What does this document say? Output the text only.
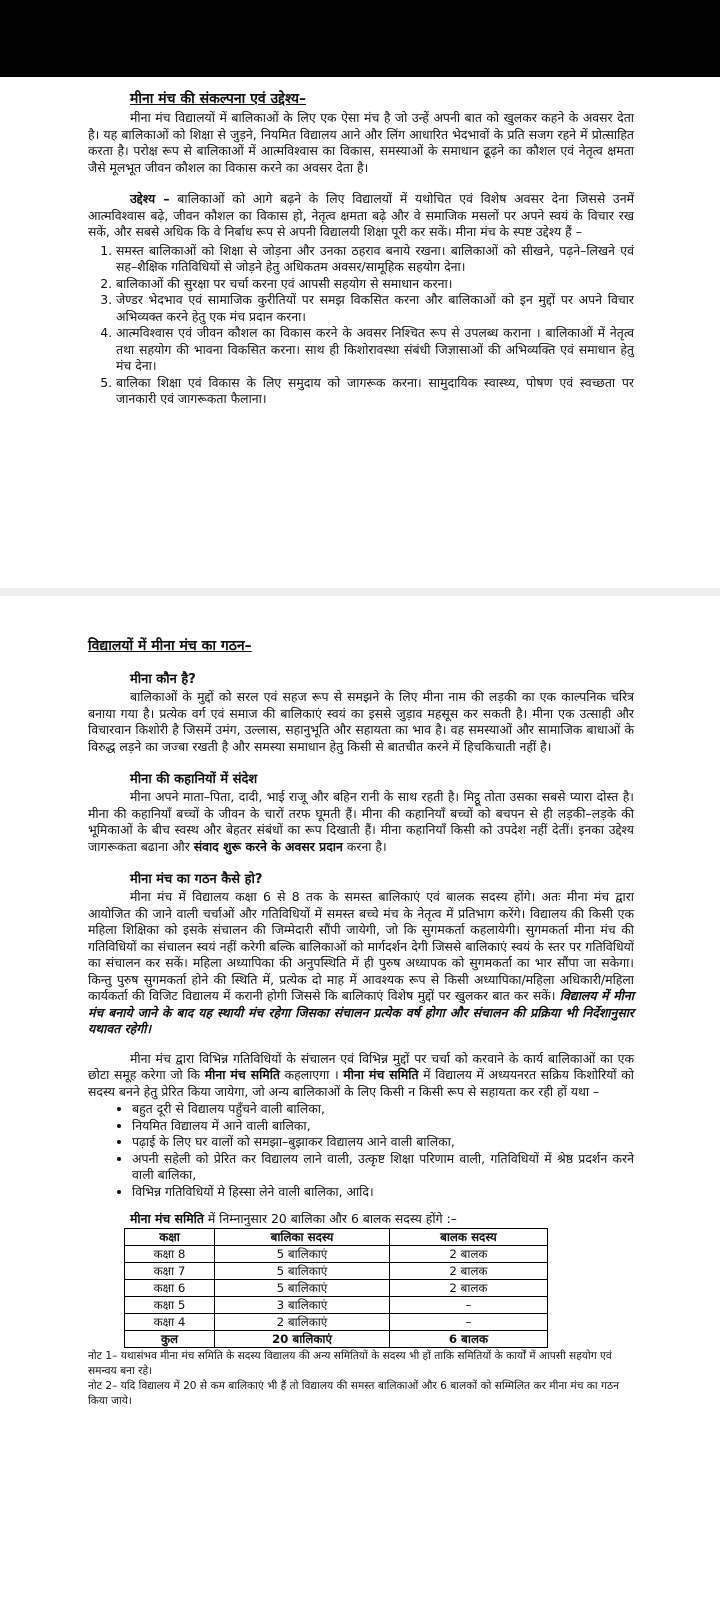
मीना मंच की संकल्पना एवं उद्देश्य–

मीना मंच विद्यालयों में बालिकाओं के लिए एक ऐसा मंच है जो उन्हें अपनी बात को खुलकर कहने के अवसर देता है। यह बालिकाओं को शिक्षा से जुड़ने, नियमित विद्यालय आने और लिंग आधारित भेदभावों के प्रति सजग रहने में प्रोत्साहित करता है। परोक्ष रूप से बालिकाओं में आत्मविश्वास का विकास, समस्याओं के समाधान ढूढ़ने का कौशल एवं नेतृत्व क्षमता जैसे मूलभूत जीवन कौशल का विकास करने का अवसर देता है।

उद्देश्य – बालिकाओं को आगे बढ़ने के लिए विद्यालयों में यथोचित एवं विशेष अवसर देना जिससे उनमें आत्मविश्वास बढ़े, जीवन कौशल का विकास हो, नेतृत्व क्षमता बढ़े और वे समाजिक मसलों पर अपने स्वयं के विचार रख सकें, और सबसे अधिक कि वे निर्बाध रूप से अपनी विद्यालयी शिक्षा पूरी कर सकें। मीना मंच के स्पष्ट उद्देश्य हैं –

1. समस्त बालिकाओं को शिक्षा से जोड़ना और उनका ठहराव बनाये रखना। बालिकाओं को सीखने, पढ़ने–लिखने एवं सह–शैक्षिक गतिविधियों से जोड़ने हेतु अधिकतम अवसर/सामूहिक सहयोग देना।
2. बालिकाओं की सुरक्षा पर चर्चा करना एवं आपसी सहयोग से समाधान करना।
3. जेण्डर भेदभाव एवं सामाजिक कुरीतियों पर समझ विकसित करना और बालिकाओं को इन मुद्दों पर अपने विचार अभिव्यक्त करने हेतु एक मंच प्रदान करना।
4. आत्मविश्वास एवं जीवन कौशल का विकास करने के अवसर निश्चित रूप से उपलब्ध कराना । बालिकाओं में नेतृत्व तथा सहयोग की भावना विकसित करना। साथ ही किशोरावस्था संबंधी जिज्ञासाओं की अभिव्यक्ति एवं समाधान हेतु मंच देना।
5. बालिका शिक्षा एवं विकास के लिए समुदाय को जागरूक करना। सामुदायिक स्वास्थ्य, पोषण एवं स्वच्छता पर जानकारी एवं जागरूकता फैलाना।
विद्यालयों में मीना मंच का गठन–
मीना कौन है?

बालिकाओं के मुद्दों को सरल एवं सहज रूप से समझने के लिए मीना नाम की लड़की का एक काल्पनिक चरित्र बनाया गया है। प्रत्येक वर्ग एवं समाज की बालिकाएं स्वयं का इससे जुड़ाव महसूस कर सकती है। मीना एक उत्साही और विचारवान किशोरी है जिसमें उमंग, उल्लास, सहानुभूति और सहायता का भाव है। वह समस्याओं और सामाजिक बाधाओं के विरुद्ध लड़ने का जज्बा रखती है और समस्या समाधान हेतु किसी से बातचीत करने में हिचकिचाती नहीं है।

मीना की कहानियों में संदेश

मीना अपने माता–पिता, दादी, भाई राजू और बहिन रानी के साथ रहती है। मिट्ठू तोता उसका सबसे प्यारा दोस्त है। मीना की कहानियाँ बच्चों के जीवन के चारों तरफ घूमती हैं। मीना की कहानियाँ बच्चों को बचपन से ही लड़की–लड़के की भूमिकाओं के बीच स्वस्थ और बेहतर संबंधों का रूप दिखाती हैं। मीना कहानियाँ किसी को उपदेश नहीं देतीं। इनका उद्देश्य जागरूकता बढाना और संवाद शुरू करने के अवसर प्रदान करना है।

मीना मंच का गठन कैसे हो?

मीना मंच में विद्यालय कक्षा 6 से 8 तक के समस्त बालिकाएं एवं बालक सदस्य होंगे। अतः मीना मंच द्वारा आयोजित की जाने वाली चर्चाओं और गतिविधियों में समस्त बच्चे मंच के नेतृत्व में प्रतिभाग करेंगे। विद्यालय की किसी एक महिला शिक्षिका को इसके संचालन की जिम्मेदारी सौंपी जायेगी, जो कि सुगमकर्ता कहलायेगी। सुगमकर्ता मीना मंच की गतिविधियों का संचालन स्वयं नहीं करेगी बल्कि बालिकाओं को मार्गदर्शन देगी जिससे बालिकाएं स्वयं के स्तर पर गतिविधियों का संचालन कर सकें। महिला अध्यापिका की अनुपस्थिति में ही पुरुष अध्यापक को सुगमकर्ता का भार सौंपा जा सकेगा। किन्तु पुरुष सुगमकर्ता होने की स्थिति में, प्रत्येक दो माह में आवश्यक रूप से किसी अध्यापिका/महिला अधिकारी/महिला कार्यकर्ता की विजिट विद्यालय में करानी होगी जिससे कि बालिकाएं विशेष मुद्दों पर खुलकर बात कर सकें। विद्यालय में मीना मंच बनाये जाने के बाद यह स्थायी मंच रहेगा जिसका संचालन प्रत्येक वर्ष होगा और संचालन की प्रक्रिया भी निर्देशानुसार यथावत रहेगी।

मीना मंच द्वारा विभिन्न गतिविधियों के संचालन एवं विभिन्न मुद्दों पर चर्चा को करवाने के कार्य बालिकाओं का एक छोटा समूह करेगा जो कि मीना मंच समिति कहलाएगा । मीना मंच समिति में विद्यालय में अध्ययनरत सक्रिय किशोरियों को सदस्य बनने हेतु प्रेरित किया जायेगा, जो अन्य बालिकाओं के लिए किसी न किसी रूप से सहायता कर रही हों यथा –

• बहुत दूरी से विद्यालय पहुँचने वाली बालिका,
• नियमित विद्यालय में आने वाली बालिका,
• पढ़ाई के लिए घर वालों को समझा–बुझाकर विद्यालय आने वाली बालिका,
• अपनी सहेली को प्रेरित कर विद्यालय लाने वाली, उत्कृष्ट शिक्षा परिणाम वाली, गतिविधियों में श्रेष्ठ प्रदर्शन करने वाली बालिका,
• विभिन्न गतिविधियों मे हिस्सा लेने वाली बालिका, आदि।
मीना मंच समिति में निम्नानुसार 20 बालिका और 6 बालक सदस्य होंगे :–
कक्षा	बालिका सदस्य	बालक सदस्य
कक्षा 8	5 बालिकाएं	2 बालक
कक्षा 7	5 बालिकाएं	2 बालक
कक्षा 6	5 बालिकाएं	2 बालक
कक्षा 5	3 बालिकाएं	–
कक्षा 4	2 बालिकाएं	–
कुल	20 बालिकाएं	6 बालक

नोट 1– यथासंभव मीना मंच समिति के सदस्य विद्यालय की अन्य समितियों के सदस्य भी हों ताकि समितियों के कार्यों में आपसी सहयोग एवं समन्वय बना रहे।

नोट 2– यदि विद्यालय में 20 से कम बालिकाएं भी हैं तो विद्यालय की समस्त बालिकाओं और 6 बालकों को सम्मिलित कर मीना मंच का गठन किया जाये।
